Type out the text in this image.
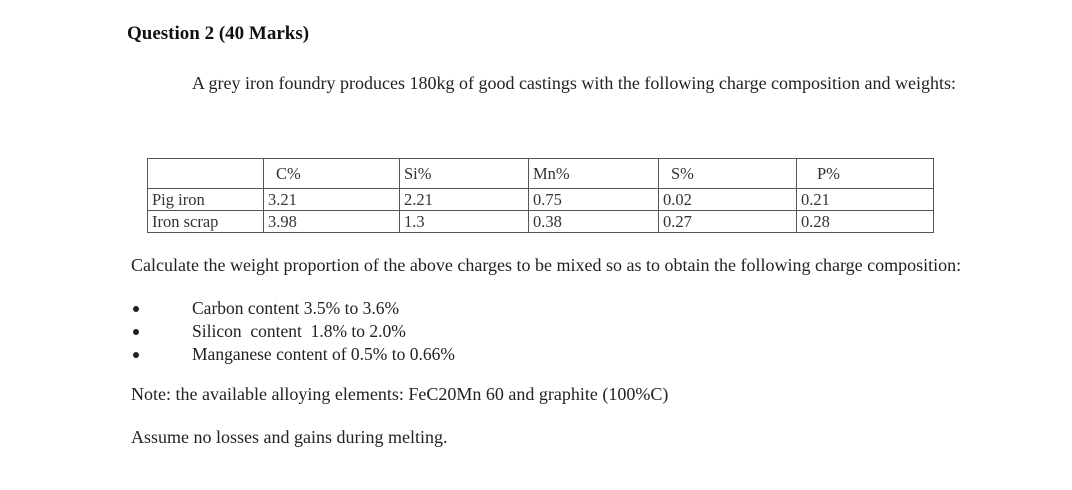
Question 2 (40 Marks)
A grey iron foundry produces 180kg of good castings with the following charge composition and weights:
	C%	Si%	Mn%	S%	P%
Pig iron	3.21	2.21	0.75	0.02	0.21
Iron scrap	3.98	1.3	0.38	0.27	0.28
Calculate the weight proportion of the above charges to be mixed so as to obtain the following charge composition:
Carbon content 3.5% to 3.6%
Silicon  content  1.8% to 2.0%
Manganese content of 0.5% to 0.66%
Note: the available alloying elements: FeC20Mn 60 and graphite (100%C)
Assume no losses and gains during melting.
